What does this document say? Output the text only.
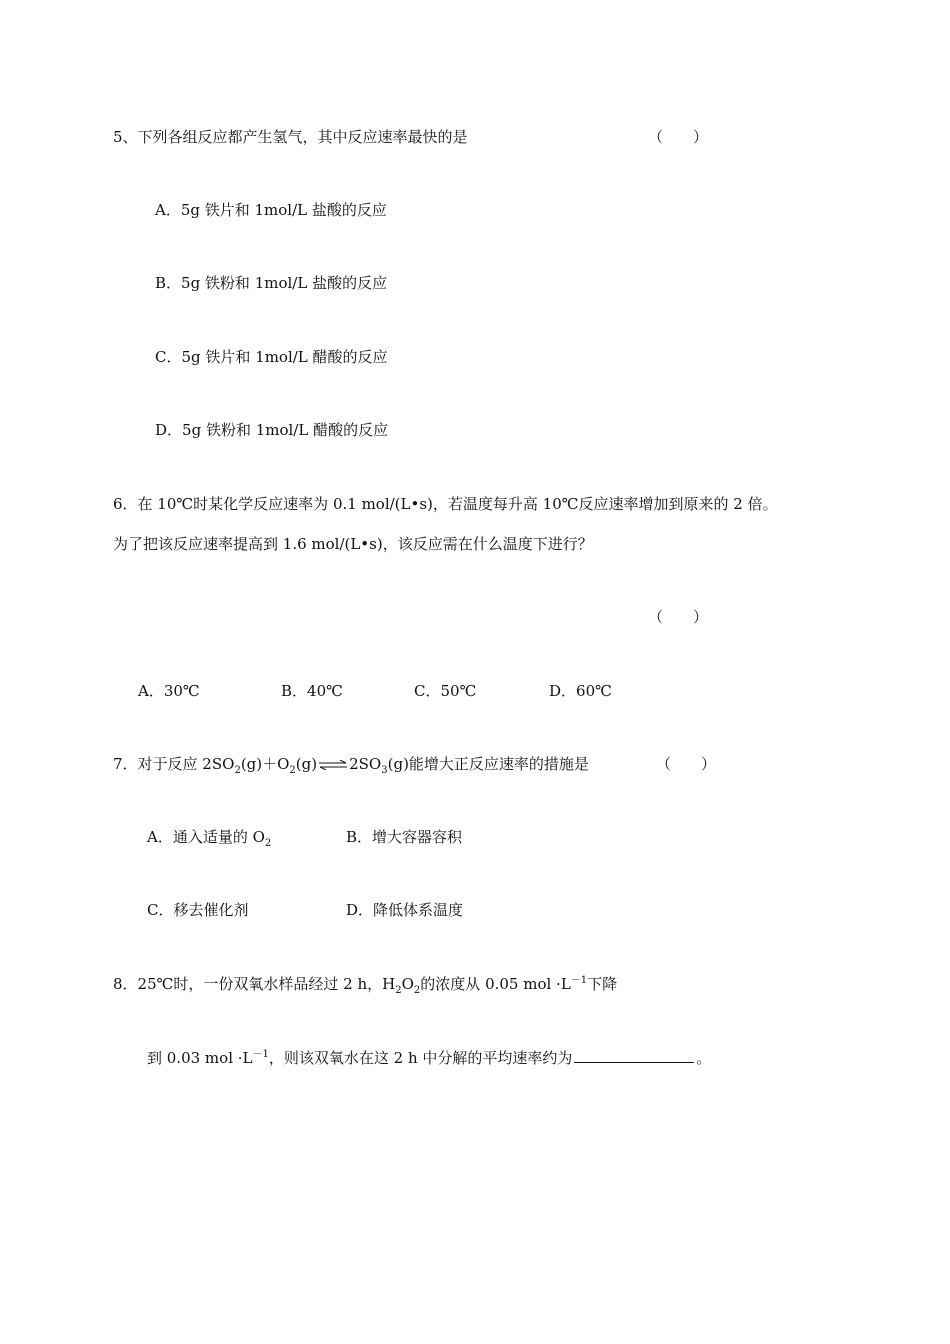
5、下列各组反应都产生氢气，其中反应速率最快的是	（　　）
A．5g 铁片和 1mol/L 盐酸的反应
B．5g 铁粉和 1mol/L 盐酸的反应
C．5g 铁片和 1mol/L 醋酸的反应
D．5g 铁粉和 1mol/L 醋酸的反应
6．在 10℃时某化学反应速率为 0.1 mol/(L•s)，若温度每升高 10℃反应速率增加到原来的 2 倍。
为了把该反应速率提高到 1.6 mol/(L•s)，该反应需在什么温度下进行？
（　　）
A．30℃	B．40℃	C．50℃	D．60℃
7．对于反应 $2SO_2(g)+O_2(g)\rightleftharpoons 2SO_3(g)$能增大正反应速率的措施是	（　　）
A．通入适量的 $O_2$	B．增大容器容积
C．移去催化剂	D．降低体系温度
8．25℃时，一份双氧水样品经过 2 h，$H_2O_2$的浓度从 0.05 mol $\cdot L^{-1}$下降
到 0.03 mol $\cdot L^{-1}$，则该双氧水在这 2 h 中分解的平均速率约为	。
